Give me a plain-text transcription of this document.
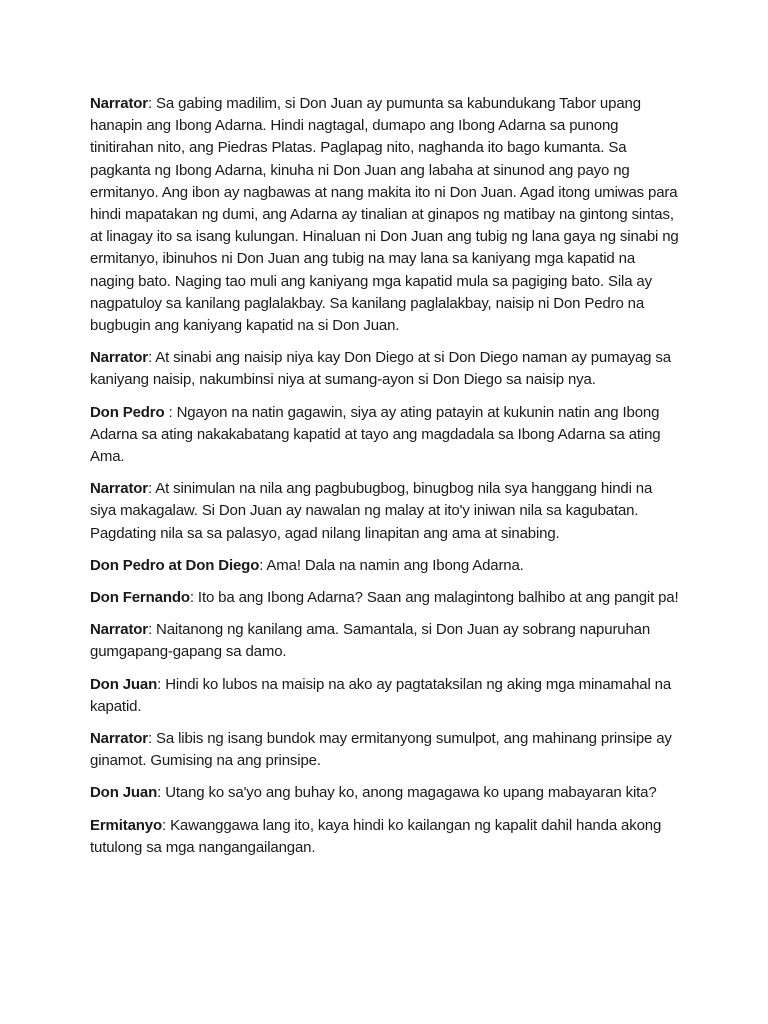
Narrator: Sa gabing madilim, si Don Juan ay pumunta sa kabundukang Tabor upang hanapin ang Ibong Adarna. Hindi nagtagal, dumapo ang Ibong Adarna sa punong tinitirahan nito, ang Piedras Platas. Paglapag nito, naghanda ito bago kumanta. Sa pagkanta ng Ibong Adarna, kinuha ni Don Juan ang labaha at sinunod ang payo ng ermitanyo. Ang ibon ay nagbawas at nang makita ito ni Don Juan. Agad itong umiwas para hindi mapatakan ng dumi, ang Adarna ay tinalian at ginapos ng matibay na gintong sintas, at linagay ito sa isang kulungan. Hinaluan ni Don Juan ang tubig ng lana gaya ng sinabi ng ermitanyo, ibinuhos ni Don Juan ang tubig na may lana sa kaniyang mga kapatid na naging bato. Naging tao muli ang kaniyang mga kapatid mula sa pagiging bato. Sila ay nagpatuloy sa kanilang paglalakbay. Sa kanilang paglalakbay, naisip ni Don Pedro na bugbugin ang kaniyang kapatid na si Don Juan.

Narrator: At sinabi ang naisip niya kay Don Diego at si Don Diego naman ay pumayag sa kaniyang naisip, nakumbinsi niya at sumang-ayon si Don Diego sa naisip nya.

Don Pedro : Ngayon na natin gagawin, siya ay ating patayin at kukunin natin ang Ibong Adarna sa ating nakakabatang kapatid at tayo ang magdadala sa Ibong Adarna sa ating Ama.

Narrator: At sinimulan na nila ang pagbubugbog, binugbog nila sya hanggang hindi na siya makagalaw. Si Don Juan ay nawalan ng malay at ito'y iniwan nila sa kagubatan. Pagdating nila sa sa palasyo, agad nilang linapitan ang ama at sinabing.

Don Pedro at Don Diego: Ama! Dala na namin ang Ibong Adarna.

Don Fernando: Ito ba ang Ibong Adarna? Saan ang malagintong balhibo at ang pangit pa!

Narrator: Naitanong ng kanilang ama. Samantala, si Don Juan ay sobrang napuruhan gumgapang-gapang sa damo.

Don Juan: Hindi ko lubos na maisip na ako ay pagtataksilan ng aking mga minamahal na kapatid.

Narrator: Sa libis ng isang bundok may ermitanyong sumulpot, ang mahinang prinsipe ay ginamot. Gumising na ang prinsipe.

Don Juan: Utang ko sa'yo ang buhay ko, anong magagawa ko upang mabayaran kita?

Ermitanyo: Kawanggawa lang ito, kaya hindi ko kailangan ng kapalit dahil handa akong tutulong sa mga nangangailangan.
